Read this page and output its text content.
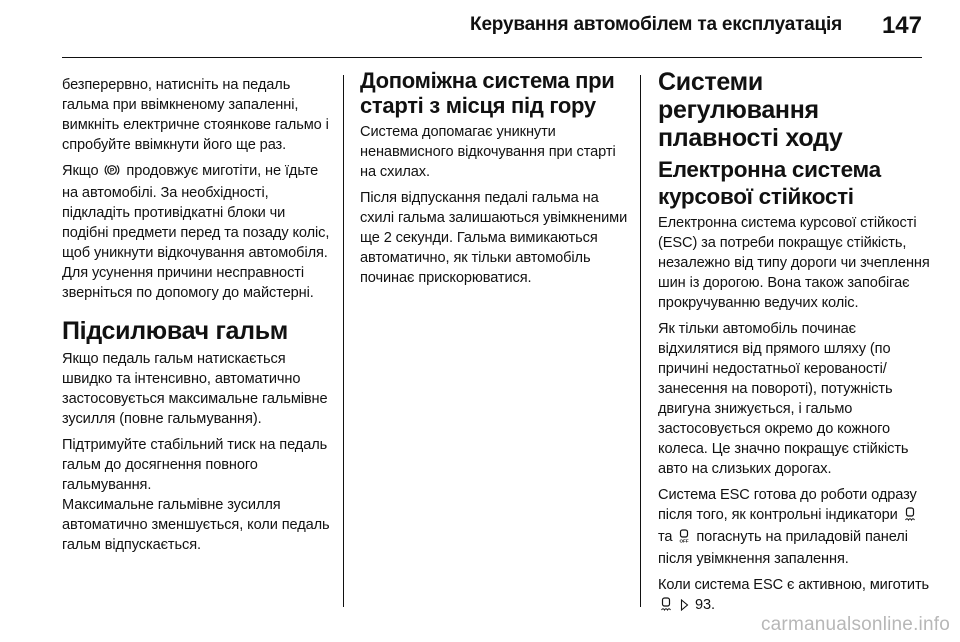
Керування автомобілем та експлуатація 147

безперервно, натисніть на педаль гальма при ввімкненому запаленні, вимкніть електричне стоянкове гальмо і спробуйте ввімкнути його ще раз.

Якщо P продовжує миготіти, не їдьте на автомобілі. За необхідності, підкладіть противідкатні блоки чи подібні предмети перед та позаду коліс, щоб уникнути відкочування автомобіля. Для усунення причини несправності зверніться по допомогу до майстерні.

Підсилювач гальм

Якщо педаль гальм натискається швидко та інтенсивно, автоматично застосовується максимальне гальмівне зусилля (повне гальмування).

Підтримуйте стабільний тиск на педаль гальм до досягнення повного гальмування.

Максимальне гальмівне зусилля автоматично зменшується, коли педаль гальм відпускається.

Допоміжна система при старті з місця під гору

Система допомагає уникнути ненавмисного відкочування при старті на схилах.

Після відпускання педалі гальма на схилі гальма залишаються увімкненими ще 2 секунди. Гальма вимикаються автоматично, як тільки автомобіль починає прискорюватися.

Системи регулювання плавності ходу
Електронна система курсової стійкості

Електронна система курсової стійкості (ESC) за потреби покращує стійкість, незалежно від типу дороги чи зчеплення шин із дорогою. Вона також запобігає прокручуванню ведучих коліс.

Як тільки автомобіль починає відхилятися від прямого шляху (по причині недостатньої керованості/занесення на повороті), потужність двигуна знижується, і гальмо застосовується окремо до кожного колеса. Це значно покращує стійкість авто на слизьких дорогах.

Система ESC готова до роботи одразу після того, як контрольні індикатори  та OFF погаснуть на приладовій панелі після увімкнення запалення.

Коли система ESC є активною, миготить   93.

carmanualsonline.info
